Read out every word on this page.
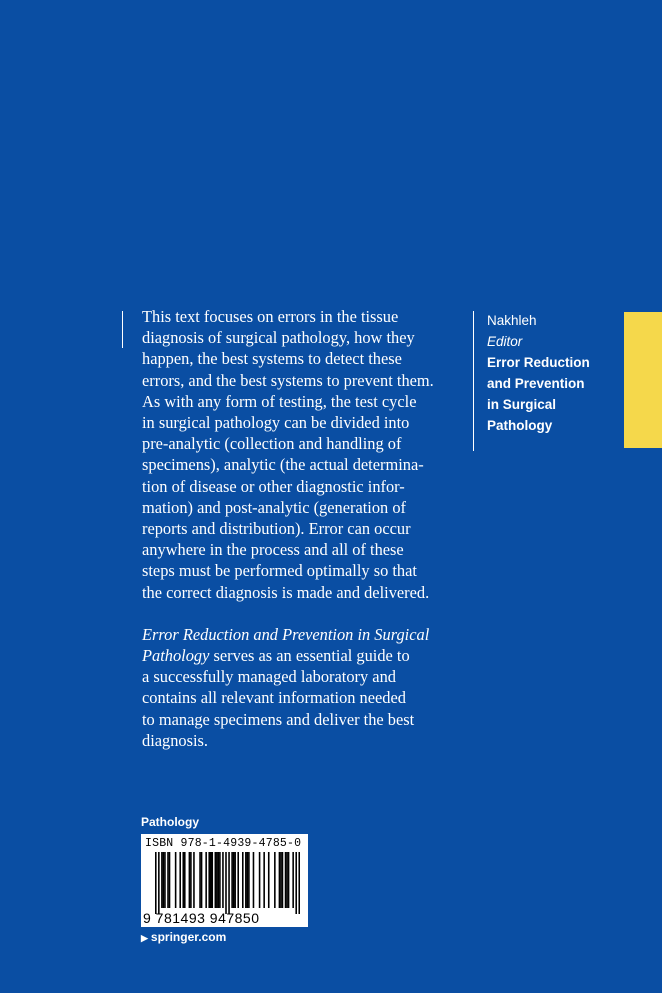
This text focuses on errors in the tissue
diagnosis of surgical pathology, how they
happen, the best systems to detect these
errors, and the best systems to prevent them.
As with any form of testing, the test cycle
in surgical pathology can be divided into
pre-analytic (collection and handling of
specimens), analytic (the actual determina-
tion of disease or other diagnostic infor-
mation) and post-analytic (generation of
reports and distribution). Error can occur
anywhere in the process and all of these
steps must be performed optimally so that
the correct diagnosis is made and delivered.
Error Reduction and Prevention in Surgical
Pathology serves as an essential guide to
a successfully managed laboratory and
contains all relevant information needed
to manage specimens and deliver the best
diagnosis.
Nakhleh
Editor
Error Reduction
and Prevention
in Surgical
Pathology
Pathology
ISBN 978-1-4939-4785-0
9 781493 947850
▶ springer.com
